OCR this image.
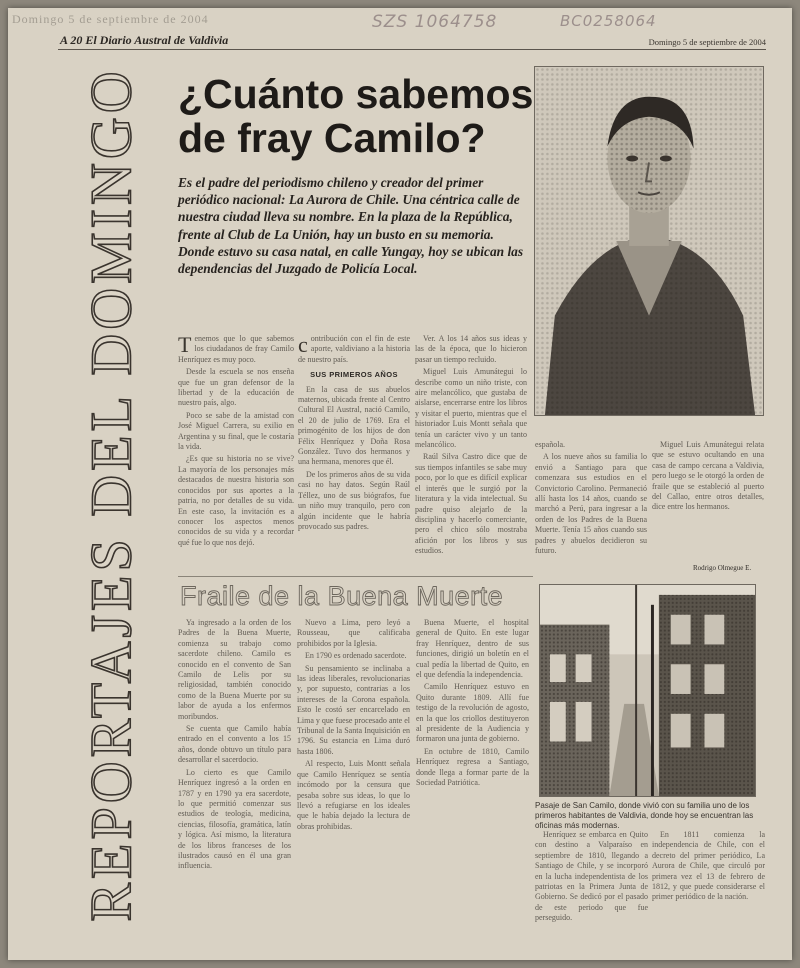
Domingo 5 de septiembre de 2004	SZS 1064758	BC0258064
A 20 El Diario Austral de Valdivia	Domingo 5 de septiembre de 2004
REPORTAJES DEL DOMINGO ¿Cuánto sabemos
de fray Camilo?
Es el padre del periodismo chileno y creador del primer periódico nacional: La Aurora de Chile. Una céntrica calle de nuestra ciudad lleva su nombre. En la plaza de la República, frente al Club de La Unión, hay un busto en su memoria. Donde estuvo su casa natal, en calle Yungay, hoy se ubican las dependencias del Juzgado de Policía Local.
Rodrigo Olmegue E.

Tenemos que lo que sabemos los ciudadanos de fray Camilo Henríquez es muy poco.

Desde la escuela se nos enseña que fue un gran defensor de la libertad y de la educación de nuestro país, algo.

Poco se sabe de la amistad con José Miguel Carrera, su exilio en Argentina y su final, que le costaría la vida.

¿Es que su historia no se vive? La mayoría de los personajes más destacados de nuestra historia son conocidos por sus aportes a la patria, no por detalles de su vida. En este caso, la invitación es a conocer los aspectos menos conocidos de su vida y a recordar qué fue lo que nos dejó.

contribución con el fin de este aporte, valdiviano a la historia de nuestro país.

SUS PRIMEROS AÑOS

En la casa de sus abuelos maternos, ubicada frente al Centro Cultural El Austral, nació Camilo, el 20 de julio de 1769. Era el primogénito de los hijos de don Félix Henríquez y Doña Rosa González. Tuvo dos hermanos y una hermana, menores que él.

De los primeros años de su vida casi no hay datos. Según Raúl Téllez, uno de sus biógrafos, fue un niño muy tranquilo, pero con algún incidente que le habría provocado sus padres.

Ver. A los 14 años sus ideas y las de la época, que lo hicieron pasar un tiempo recluido.

Miguel Luis Amunátegui lo describe como un niño triste, con aire melancólico, que gustaba de aislarse, encerrarse entre los libros y visitar el puerto, mientras que el historiador Luis Montt señala que tenía un carácter vivo y un tanto melancólico.

Raúl Silva Castro dice que de sus tiempos infantiles se sabe muy poco, por lo que es difícil explicar el interés que le surgió por la literatura y la vida intelectual. Su padre quiso alejarlo de la disciplina y hacerlo comerciante, pero el chico sólo mostraba afición por los libros y sus estudios.

española.

A los nueve años su familia lo envió a Santiago para que comenzara sus estudios en el Convictorio Carolino. Permaneció allí hasta los 14 años, cuando se marchó a Perú, para ingresar a la orden de los Padres de la Buena Muerte. Tenía 15 años cuando sus padres y abuelos decidieron su futuro.

Miguel Luis Amunátegui relata que se estuvo ocultando en una casa de campo cercana a Valdivia, pero luego se le otorgó la orden de fraile que se estableció al puerto del Callao, entre otros detalles, dice entre los hermanos.

Fraile de la Buena Muerte

Ya ingresado a la orden de los Padres de la Buena Muerte, comienza su trabajo como sacerdote chileno. Camilo es conocido en el convento de San Camilo de Lelis por su religiosidad, también conocido como de la Buena Muerte por su labor de ayuda a los enfermos moribundos.

Se cuenta que Camilo había entrado en el convento a los 15 años, donde obtuvo un título para desarrollar el sacerdocio.

Lo cierto es que Camilo Henríquez ingresó a la orden en 1787 y en 1790 ya era sacerdote, lo que permitió comenzar sus estudios de teología, medicina, ciencias, filosofía, gramática, latín y lógica. Así mismo, la literatura de los libros franceses de los ilustrados causó en él una gran influencia.

Nuevo a Lima, pero leyó a Rousseau, que calificaba prohibidos por la Iglesia.

En 1790 es ordenado sacerdote.

Su pensamiento se inclinaba a las ideas liberales, revolucionarias y, por supuesto, contrarias a los intereses de la Corona española. Esto le costó ser encarcelado en Lima y que fuese procesado ante el Tribunal de la Santa Inquisición en 1796. Su estancia en Lima duró hasta 1806.

Al respecto, Luis Montt señala que Camilo Henríquez se sentía incómodo por la censura que pesaba sobre sus ideas, lo que lo llevó a refugiarse en los ideales que le había dejado la lectura de obras prohibidas.

Buena Muerte, el hospital general de Quito. En este lugar fray Henríquez, dentro de sus funciones, dirigió un boletín en el cual pedía la libertad de Quito, en el que defendía la independencia.

Camilo Henríquez estuvo en Quito durante 1809. Allí fue testigo de la revolución de agosto, en la que los criollos destituyeron al presidente de la Audiencia y formaron una junta de gobierno.

En octubre de 1810, Camilo Henríquez regresa a Santiago, donde llega a formar parte de la Sociedad Patriótica.

Pasaje de San Camilo, donde vivió con su familia uno de los primeros habitantes de Valdivia, donde hoy se encuentran las oficinas más modernas.

Henríquez se embarca en Quito con destino a Valparaíso en septiembre de 1810, llegando a Santiago de Chile, y se incorporó en la lucha independentista de los patriotas en la Primera Junta de Gobierno. Se dedicó por el pasado de este periodo que fue perseguido.

En 1811 comienza la independencia de Chile, con el decreto del primer periódico, La Aurora de Chile, que circuló por primera vez el 13 de febrero de 1812, y que puede considerarse el primer periódico de la nación.
